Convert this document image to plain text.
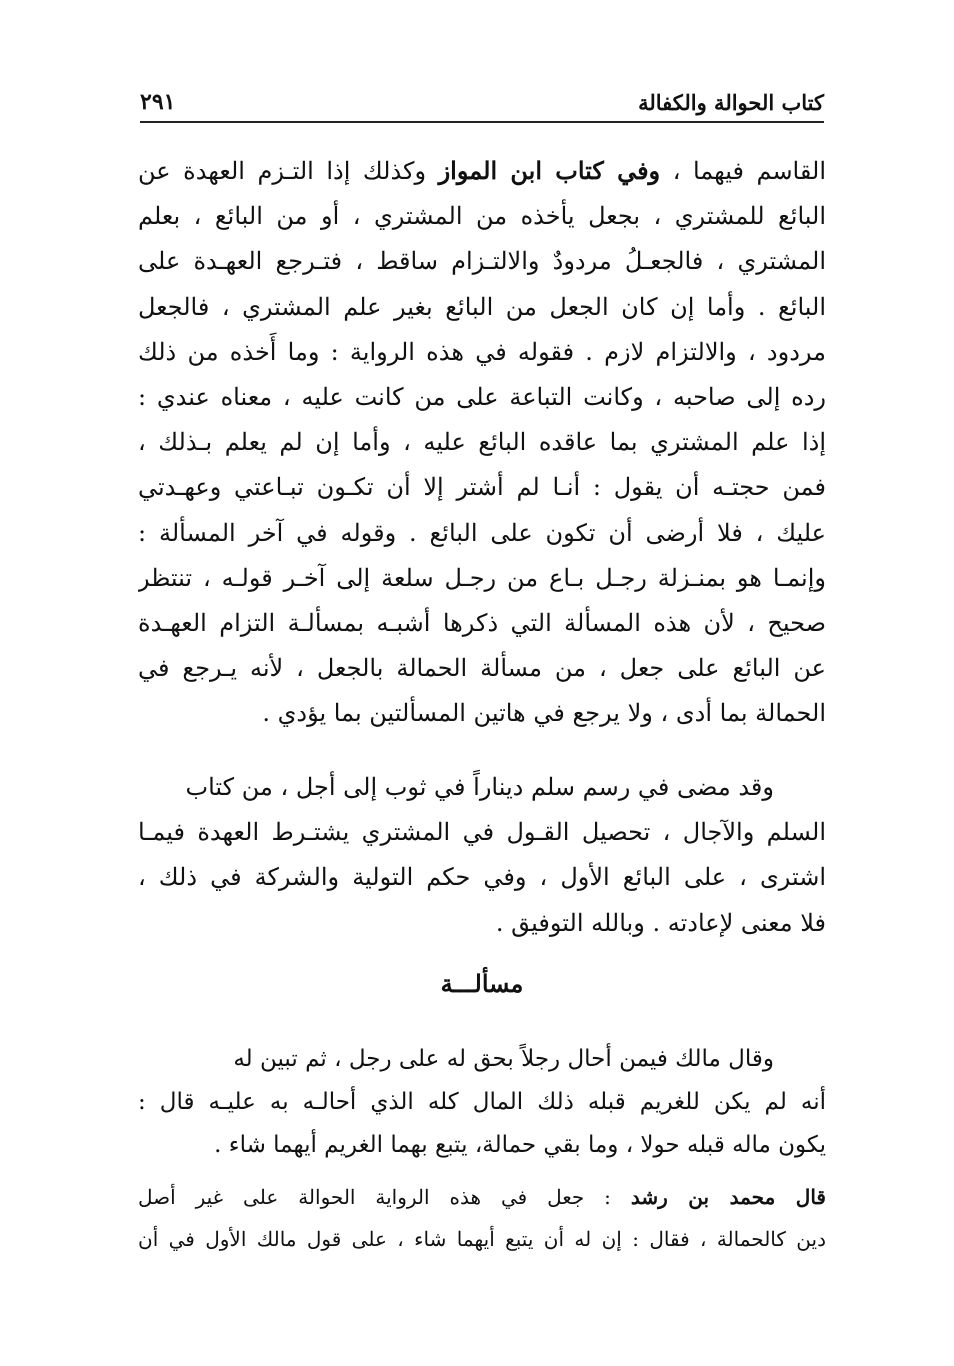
كتاب الحوالة والكفالة
٢٩١
القاسم فيهما ، وفي كتاب ابن المواز وكذلك إذا التـزم العهدة عن
البائع للمشتري ، بجعل يأخذه من المشتري ، أو من البائع ، بعلم
المشتري ، فالجعـلُ مردودٌ والالتـزام ساقط ، فتـرجع العهـدة على
البائع . وأما إن كان الجعل من البائع بغير علم المشتري ، فالجعل
مردود ، والالتزام لازم . فقوله في هذه الرواية : وما أَخذه من ذلك
رده إلى صاحبه ، وكانت التباعة على من كانت عليه ، معناه عندي :
إذا علم المشتري بما عاقده البائع عليه ، وأما إن لم يعلم بـذلك ،
فمن حجتـه أن يقول : أنـا لم أشتر إلا أن تكـون تبـاعتي وعهـدتي
عليك ، فلا أرضى أن تكون على البائع . وقوله في آخر المسألة :
وإنمـا هو بمنـزلة رجـل بـاع من رجـل سلعة إلى آخـر قولـه ، تنتظر
صحيح ، لأن هذه المسألة التي ذكرها أشبـه بمسألـة التزام العهـدة
عن البائع على جعل ، من مسألة الحمالة بالجعل ، لأنه يـرجع في
الحمالة بما أدى ، ولا يرجع في هاتين المسألتين بما يؤدي .
وقد مضى في رسم سلم ديناراً في ثوب إلى أجل ، من كتاب
السلم والآجال ، تحصيل القـول في المشتري يشتـرط العهدة فيمـا
اشترى ، على البائع الأول ، وفي حكم التولية والشركة في ذلك ،
فلا معنى لإعادته . وبالله التوفيق .
مسألـــة
وقال مالك فيمن أحال رجلاً بحق له على رجل ، ثم تبين له
أنه لم يكن للغريم قبله ذلك المال كله الذي أحالـه به عليـه قال :
يكون ماله قبله حولا ، وما بقي حمالة، يتبع بهما الغريم أيهما شاء .
قال محمد بن رشد : جعل في هذه الرواية الحوالة على غير أصل
دين كالحمالة ، فقال : إن له أن يتبع أيهما شاء ، على قول مالك الأول في أن
